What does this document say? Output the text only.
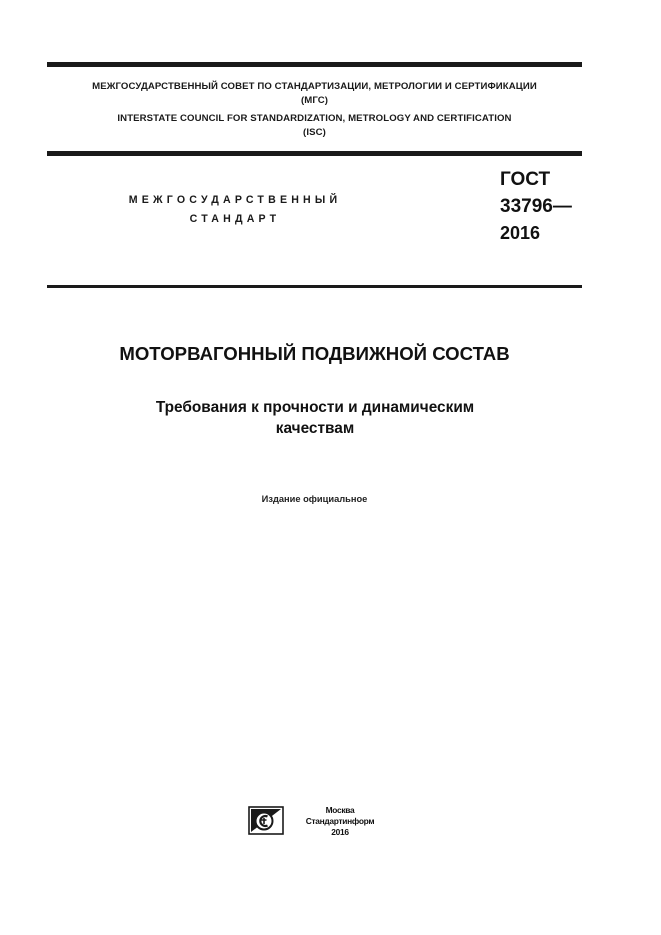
МЕЖГОСУДАРСТВЕННЫЙ СОВЕТ ПО СТАНДАРТИЗАЦИИ, МЕТРОЛОГИИ И СЕРТИФИКАЦИИ
(МГС)
INTERSTATE COUNCIL FOR STANDARDIZATION, METROLOGY AND CERTIFICATION
(ISC)
МЕЖГОСУДАРСТВЕННЫЙ
СТАНДАРТ
ГОСТ
33796—
2016
МОТОРВАГОННЫЙ ПОДВИЖНОЙ СОСТАВ
Требования к прочности и динамическим
качествам
Издание официальное
Москва
Стандартинформ
2016
